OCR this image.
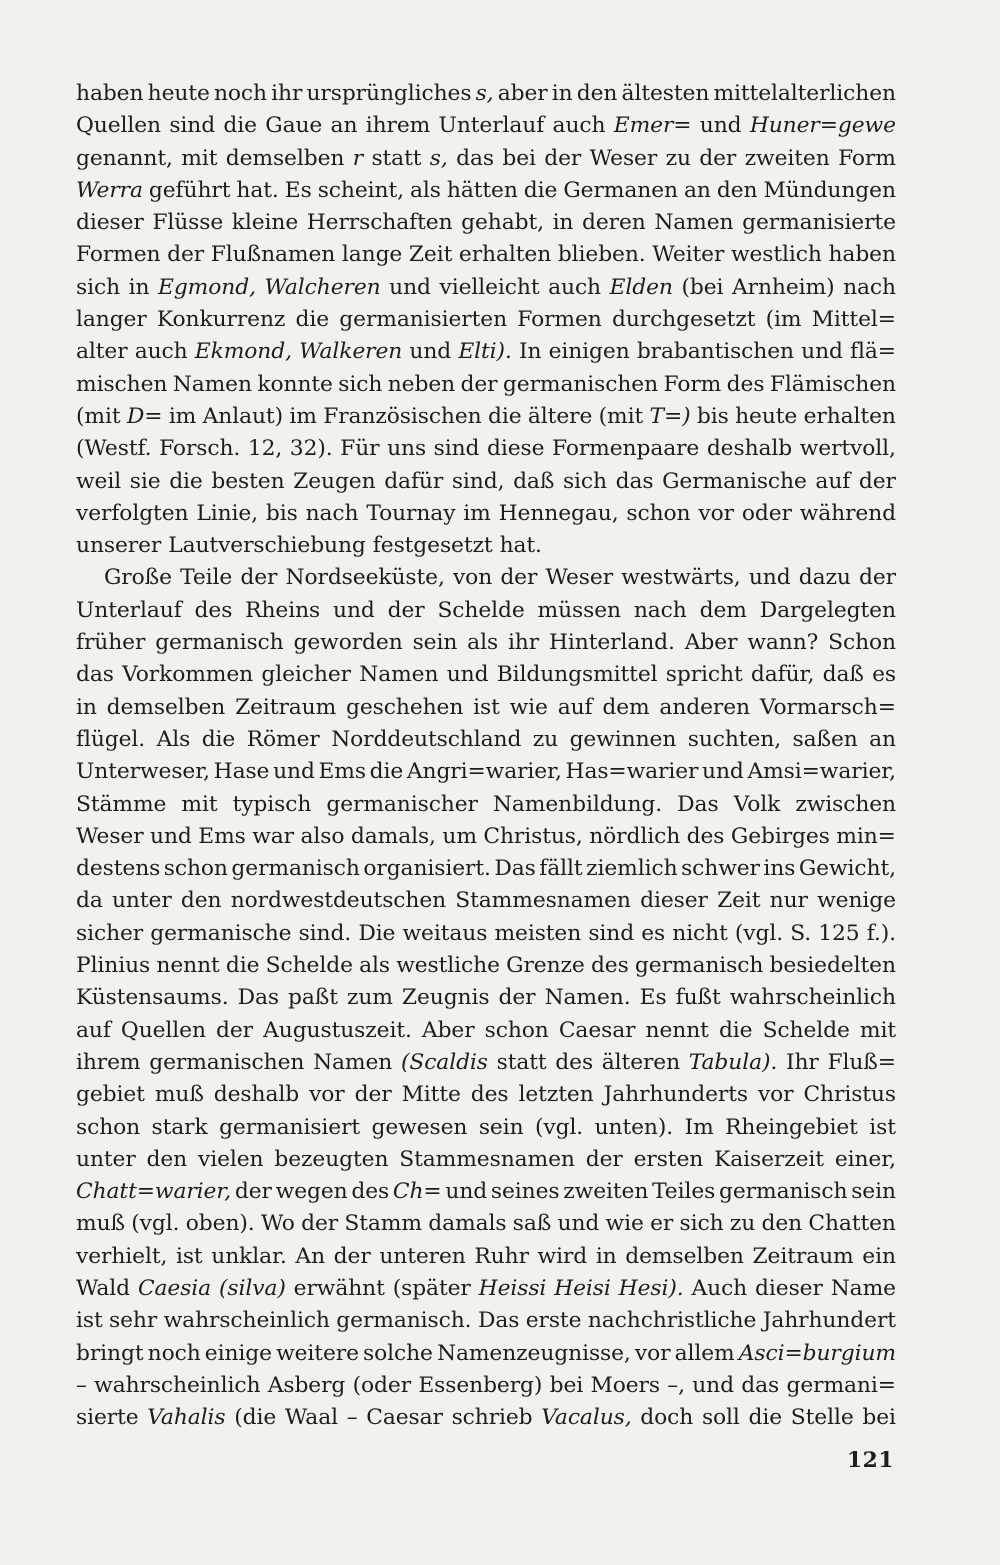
haben heute noch ihr ursprüngliches s, aber in den ältesten mittelalterlichen
Quellen sind die Gaue an ihrem Unterlauf auch Emer= und Huner=gewe
genannt, mit demselben r statt s, das bei der Weser zu der zweiten Form
Werra geführt hat. Es scheint, als hätten die Germanen an den Mündungen
dieser Flüsse kleine Herrschaften gehabt, in deren Namen germanisierte
Formen der Flußnamen lange Zeit erhalten blieben. Weiter westlich haben
sich in Egmond, Walcheren und vielleicht auch Elden (bei Arnheim) nach
langer Konkurrenz die germanisierten Formen durchgesetzt (im Mittel=
alter auch Ekmond, Walkeren und Elti). In einigen brabantischen und flä=
mischen Namen konnte sich neben der germanischen Form des Flämischen
(mit D= im Anlaut) im Französischen die ältere (mit T=) bis heute erhalten
(Westf. Forsch. 12, 32). Für uns sind diese Formenpaare deshalb wertvoll,
weil sie die besten Zeugen dafür sind, daß sich das Germanische auf der
verfolgten Linie, bis nach Tournay im Hennegau, schon vor oder während
unserer Lautverschiebung festgesetzt hat.
Große Teile der Nordseeküste, von der Weser westwärts, und dazu der
Unterlauf des Rheins und der Schelde müssen nach dem Dargelegten
früher germanisch geworden sein als ihr Hinterland. Aber wann? Schon
das Vorkommen gleicher Namen und Bildungsmittel spricht dafür, daß es
in demselben Zeitraum geschehen ist wie auf dem anderen Vormarsch=
flügel. Als die Römer Norddeutschland zu gewinnen suchten, saßen an
Unterweser, Hase und Ems die Angri=warier, Has=warier und Amsi=warier,
Stämme mit typisch germanischer Namenbildung. Das Volk zwischen
Weser und Ems war also damals, um Christus, nördlich des Gebirges min=
destens schon germanisch organisiert. Das fällt ziemlich schwer ins Gewicht,
da unter den nordwestdeutschen Stammesnamen dieser Zeit nur wenige
sicher germanische sind. Die weitaus meisten sind es nicht (vgl. S. 125 f.).
Plinius nennt die Schelde als westliche Grenze des germanisch besiedelten
Küstensaums. Das paßt zum Zeugnis der Namen. Es fußt wahrscheinlich
auf Quellen der Augustuszeit. Aber schon Caesar nennt die Schelde mit
ihrem germanischen Namen (Scaldis statt des älteren Tabula). Ihr Fluß=
gebiet muß deshalb vor der Mitte des letzten Jahrhunderts vor Christus
schon stark germanisiert gewesen sein (vgl. unten). Im Rheingebiet ist
unter den vielen bezeugten Stammesnamen der ersten Kaiserzeit einer,
Chatt=warier, der wegen des Ch= und seines zweiten Teiles germanisch sein
muß (vgl. oben). Wo der Stamm damals saß und wie er sich zu den Chatten
verhielt, ist unklar. An der unteren Ruhr wird in demselben Zeitraum ein
Wald Caesia (silva) erwähnt (später Heissi Heisi Hesi). Auch dieser Name
ist sehr wahrscheinlich germanisch. Das erste nachchristliche Jahrhundert
bringt noch einige weitere solche Namenzeugnisse, vor allem Asci=burgium
– wahrscheinlich Asberg (oder Essenberg) bei Moers –, und das germani=
sierte Vahalis (die Waal – Caesar schrieb Vacalus, doch soll die Stelle bei
121
